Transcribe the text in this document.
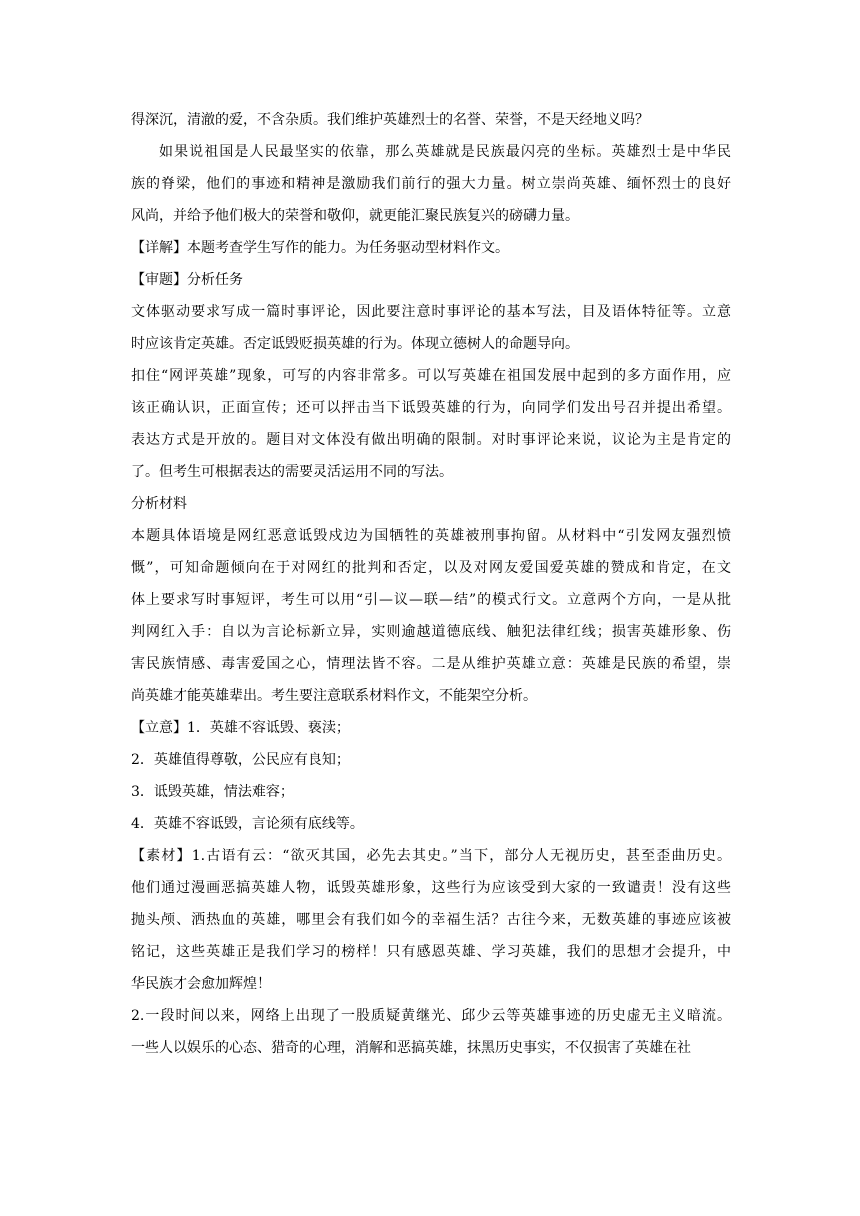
得深沉，清澈的爱，不含杂质。我们维护英雄烈士的名誉、荣誉，不是天经地义吗？
如果说祖国是人民最坚实的依靠，那么英雄就是民族最闪亮的坐标。英雄烈士是中华民
族的脊梁，他们的事迹和精神是激励我们前行的强大力量。树立崇尚英雄、缅怀烈士的良好
风尚，并给予他们极大的荣誉和敬仰，就更能汇聚民族复兴的磅礴力量。
【详解】本题考查学生写作的能力。为任务驱动型材料作文。
【审题】分析任务
文体驱动要求写成一篇时事评论，因此要注意时事评论的基本写法，目及语体特征等。立意
时应该肯定英雄。否定诋毁贬损英雄的行为。体现立德树人的命题导向。
扣住“网评英雄”现象，可写的内容非常多。可以写英雄在祖国发展中起到的多方面作用，应
该正确认识，正面宣传；还可以抨击当下诋毁英雄的行为，向同学们发出号召并提出希望。
表达方式是开放的。题目对文体没有做出明确的限制。对时事评论来说，议论为主是肯定的
了。但考生可根据表达的需要灵活运用不同的写法。
分析材料
本题具体语境是网红恶意诋毁戍边为国牺牲的英雄被刑事拘留。从材料中“引发网友强烈愤
慨”，可知命题倾向在于对网红的批判和否定，以及对网友爱国爱英雄的赞成和肯定，在文
体上要求写时事短评，考生可以用“引—议—联—结”的模式行文。立意两个方向，一是从批
判网红入手：自以为言论标新立异，实则逾越道德底线、触犯法律红线；损害英雄形象、伤
害民族情感、毒害爱国之心，情理法皆不容。二是从维护英雄立意：英雄是民族的希望，崇
尚英雄才能英雄辈出。考生要注意联系材料作文，不能架空分析。
【立意】1．英雄不容诋毁、亵渎；
2．英雄值得尊敬，公民应有良知；
3．诋毁英雄，情法难容；
4．英雄不容诋毁，言论须有底线等。
【素材】1.古语有云：“欲灭其国，必先去其史。”当下，部分人无视历史，甚至歪曲历史。
他们通过漫画恶搞英雄人物，诋毁英雄形象，这些行为应该受到大家的一致谴责！没有这些
抛头颅、洒热血的英雄，哪里会有我们如今的幸福生活？古往今来，无数英雄的事迹应该被
铭记，这些英雄正是我们学习的榜样！只有感恩英雄、学习英雄，我们的思想才会提升，中
华民族才会愈加辉煌！
2.一段时间以来，网络上出现了一股质疑黄继光、邱少云等英雄事迹的历史虚无主义暗流。
一些人以娱乐的心态、猎奇的心理，消解和恶搞英雄，抹黑历史事实，不仅损害了英雄在社
